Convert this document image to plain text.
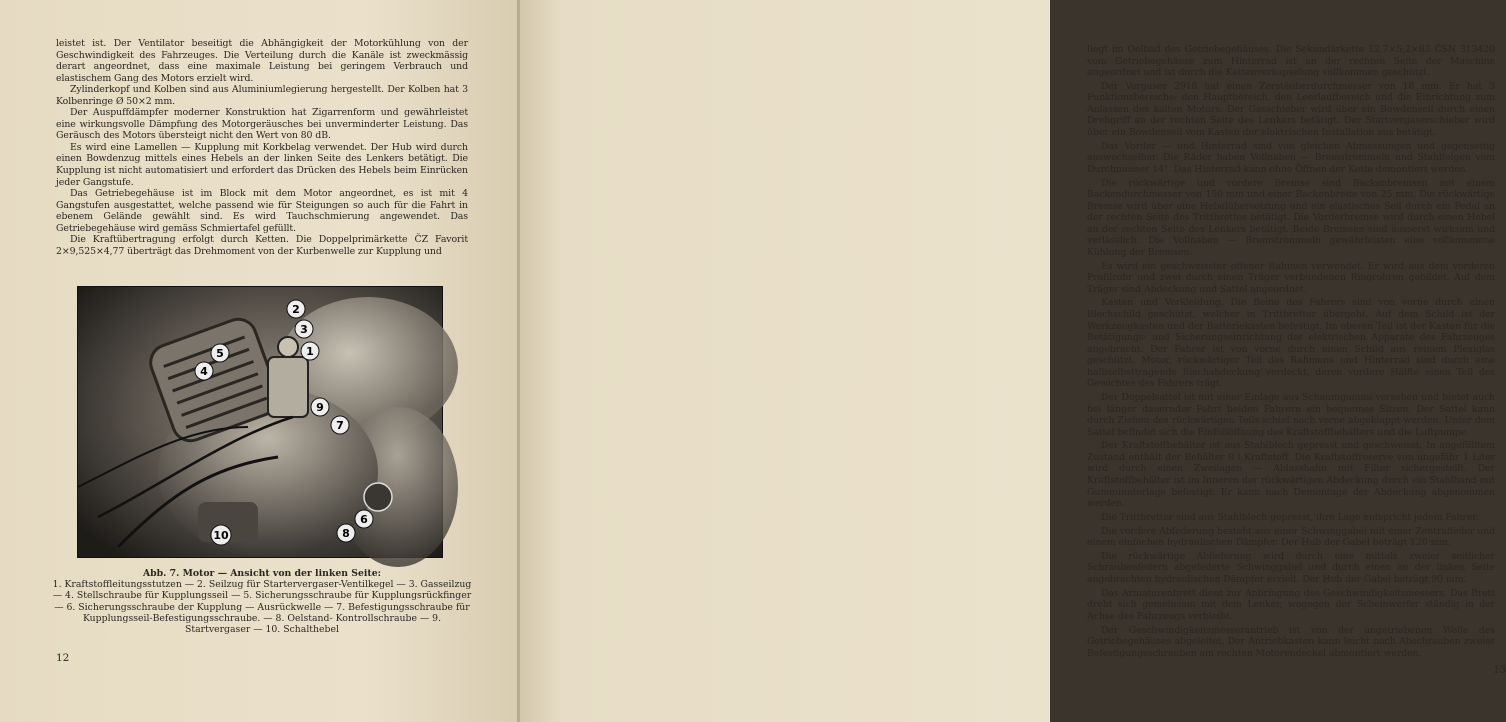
leistet ist. Der Ventilator beseitigt die Abhängigkeit der Motorkühlung von der Geschwindigkeit des Fahrzeuges. Die Verteilung durch die Kanäle ist zweckmässig derart angeordnet, dass eine maximale Leistung bei geringem Verbrauch und elastischem Gang des Motors erzielt wird.

Zylinderkopf und Kolben sind aus Aluminiumlegierung hergestellt. Der Kolben hat 3 Kolbenringe Ø 50×2 mm.

Der Auspuffdämpfer moderner Konstruktion hat Zigarrenform und gewährleistet eine wirkungsvolle Dämpfung des Motorgeräusches bei unverminderter Leistung. Das Geräusch des Motors übersteigt nicht den Wert von 80 dB.

Es wird eine Lamellen — Kupplung mit Korkbelag verwendet. Der Hub wird durch einen Bowdenzug mittels eines Hebels an der linken Seite des Lenkers betätigt. Die Kupplung ist nicht automatisiert und erfordert das Drücken des Hebels beim Einrücken jeder Gangstufe.

Das Getriebegehäuse ist im Block mit dem Motor angeordnet, es ist mit 4 Gangstufen ausgestattet, welche passend wie für Steigungen so auch für die Fahrt in ebenem Gelände gewählt sind. Es wird Tauchschmierung angewendet. Das Getriebegehäuse wird gemäss Schmiertafel gefüllt.

Die Kraftübertragung erfolgt durch Ketten. Die Doppelprimärkette ČZ Favorit 2×9,525×4,77 überträgt das Drehmoment von der Kurbenwelle zur Kupplung und

2
3
1
5
4
9
7
6
8
10
Abb. 7. Motor — Ansicht von der linken Seite:
1. Kraftstoffleitungsstutzen — 2. Seilzug für Startervergaser-Ventilkegel — 3. Gasseilzug — 4. Stellschraube für Kupplungsseil — 5. Sicherungsschraube für Kupplungsrückfinger — 6. Sicherungsschraube der Kupplung — Ausrückwelle — 7. Befestigungsschraube für Kupplungsseil-Befestigungsschraube. — 8. Oelstand- Kontrollschraube — 9. Startvergaser — 10. Schalthebel
12

liegt im Oelbad des Getriebegehäuses. Die Sekundärkette 12,7×5,2×83 ČSN 313420 vom Getriebegehäuse zum Hinterrad ist an der rechten Seite der Maschine angeordnet und ist durch die Kettenverkapselung vollkommen geschützt.

Der Vergaser 2918 hat einen Zerstäuberdurchmesser von 18 mm. Er hat 3 Funktionsbereiche: den Hauptbereich, den Leerlaufbereich und die Einrichtung zum Anlassen des kalten Motors. Der Gasschieber wird über ein Bowdenseil durch einen Drehgriff an der rechten Seite des Lenkers betätigt. Der Startvergaserschieber wird über ein Bowdenseil vom Kasten der elektrischen Installation aus betätigt.

Das Vorder — und Hinterrad sind von gleichen Abmessungen und gegenseitig auswechselbar. Die Räder haben Vollnaben — Bremstrommeln und Stahlfelgen vom Durchmesser 14". Das Hinterrad kann ohne Öffnen der Kette demontiert werden.

Die rückwärtige und vordere Bremse sind Backenbremsen mit einem Backendurchmesser von 150 mm und einer Backenbreite von 25 mm. Die rückwärtige Bremse wird über eine Hebelübersetzung und ein elastisches Seil durch ein Pedal an der rechten Seite des Trittbrettes betätigt. Die Vorderbremse wird durch einen Hebel an der rechten Seite des Lenkers betätigt. Beide Bremsen sind äusserst wirksam und verlässlich. Die Vollnaben — Bremstrommeln gewährleisten eine vollkommene Kühlung der Bremsen.

Es wird ein geschweisster offener Rahmen verwendet. Er wird aus dem vorderen Profilrohr und zwei durch einen Träger verbundenen Ringrohren gebildet. Auf dem Träger sind Abdeckung und Sattel angeordnet.

Kasten und Verkleidung. Die Beine des Fahrers sind von vorne durch einen Blechschild geschützt, welcher in Trittbretter übergeht. Auf dem Schild ist der Werkzeugkasten und der Batteriekasten befestigt. Im oberen Teil ist der Kasten für die Betätigungs- und Sicherungseinrichtung der elektrischen Apparate des Fahrzeuges angebracht. Der Fahrer ist von vorne durch einen Schild aus reinem Plexiglas geschützt. Motor, rückwärtiger Teil des Rahmens und Hinterrad sind durch eine halbselbsttragende Blechabdeckung verdeckt, deren vordere Hälfte einen Teil des Gewichtes des Fahrers trägt.

Der Doppelsattel ist mit einer Einlage aus Schaumgummi versehen und bietet auch bei länger dauernder Fahrt beiden Fahrern ein bequemes Sitzen. Der Sattel kann durch Ziehen des rückwärtigen Teils schief nach vorne abgeklappt werden. Unter dem Sattel befindet sich die Einfüllöffnung des Kraftstoffbehälters und die Luftpumpe.

Der Kraftstoffbehälter ist aus Stahlblech gepresst und geschweisst. In angefülltem Zustand enthält der Behälter 8 l Kraftstoff. Die Kraftstoffreserve von ungefähr 1 Liter wird durch einen Zweilagen — Ablasshahn mit Filter sichergestellt. Der Kraftstoffbehälter ist im Inneren der rückwärtigen Abdeckung durch ein Stahlband mit Gummiunterlage befestigt. Er kann nach Demontage der Abdeckung abgenommen werden.

Die Trittbretter sind aus Stahlblech gepresst, ihre Lage entspricht jedem Fahrer.

Die vordere Abfederung besteht aus einer Schwinggabel mit einer Zentralfeder und einem einfachen hydraulischen Dämpfer. Der Hub der Gabel beträgt 120 mm.

Die rückwärtige Abfederung wird durch eine mittels zweier seitlicher Schraubenfedern abgefederte Schwinggabel und durch einen an der linken Seite angebrachten hydraulischen Dämpfer erzielt. Der Hub der Gabel beträgt 90 mm.

Das Armaturenbrett dient zur Anbringung des Geschwindigkeitsmessers. Das Brett dreht sich gemeinsam mit dem Lenker, wogegen der Scheinwerfer ständig in der Achse des Fahrzeugs verbleibt.

Der Geschwindigkeitsmesserantrieb ist von der angetriebenen Welle des Getriebegehäuses abgeleitet. Der Antriebkasten kann leicht nach Abschrauben zweier Befestigungsschrauben am rechten Motorendeckel abmontiert werden.

13
